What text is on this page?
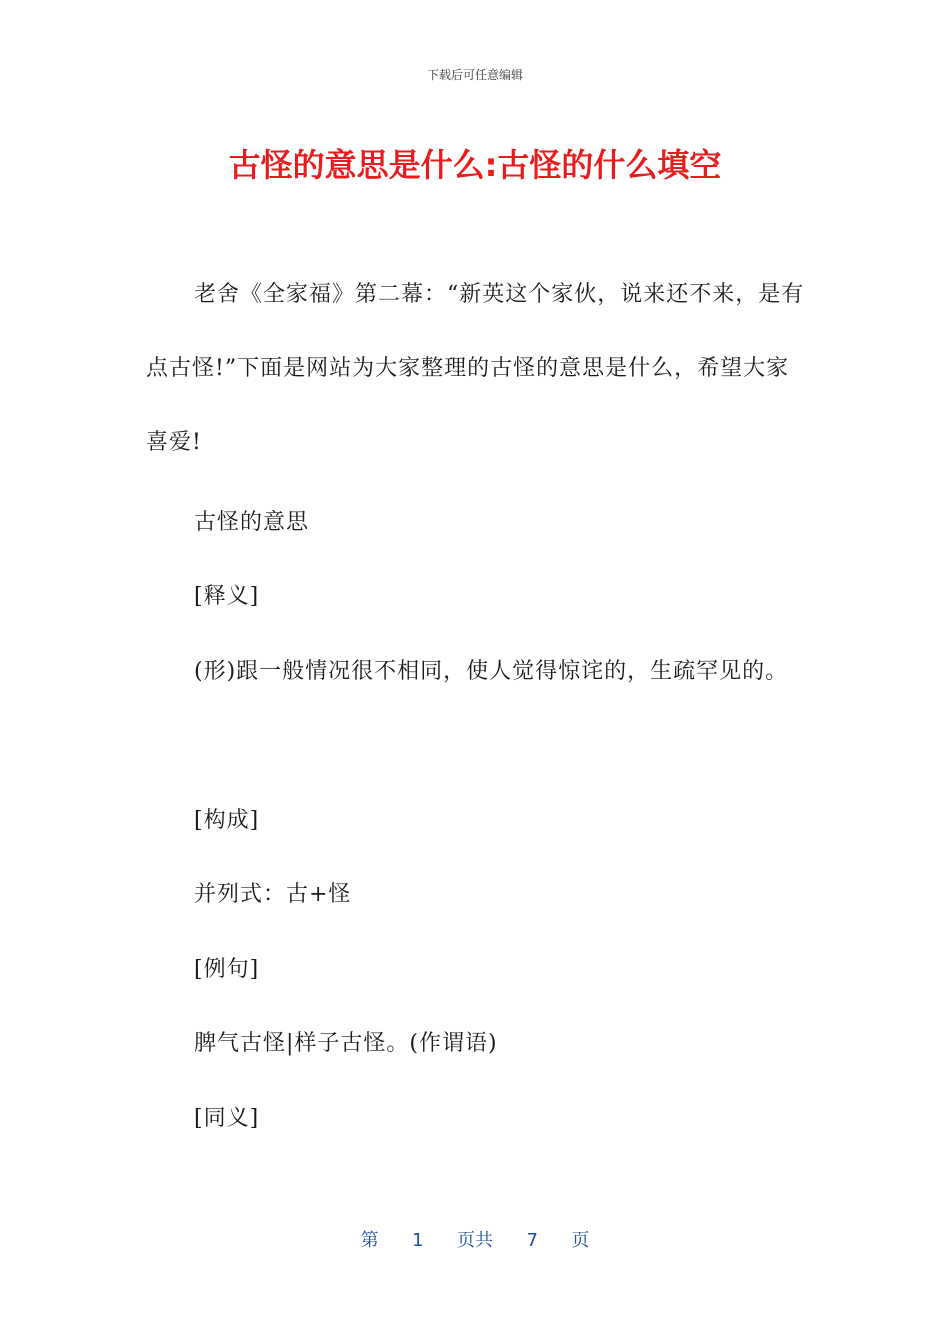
下载后可任意编辑
古怪的意思是什么:古怪的什么填空

老舍《全家福》第二幕：“新英这个家伙，说来还不来，是有点古怪!”下面是网站为大家整理的古怪的意思是什么，希望大家喜爱!

古怪的意思

[释义]

(形)跟一般情况很不相同，使人觉得惊诧的，生疏罕见的。

[构成]

并列式：古+怪

[例句]

脾气古怪|样子古怪。(作谓语)

[同义]

第 1 页共 7 页
